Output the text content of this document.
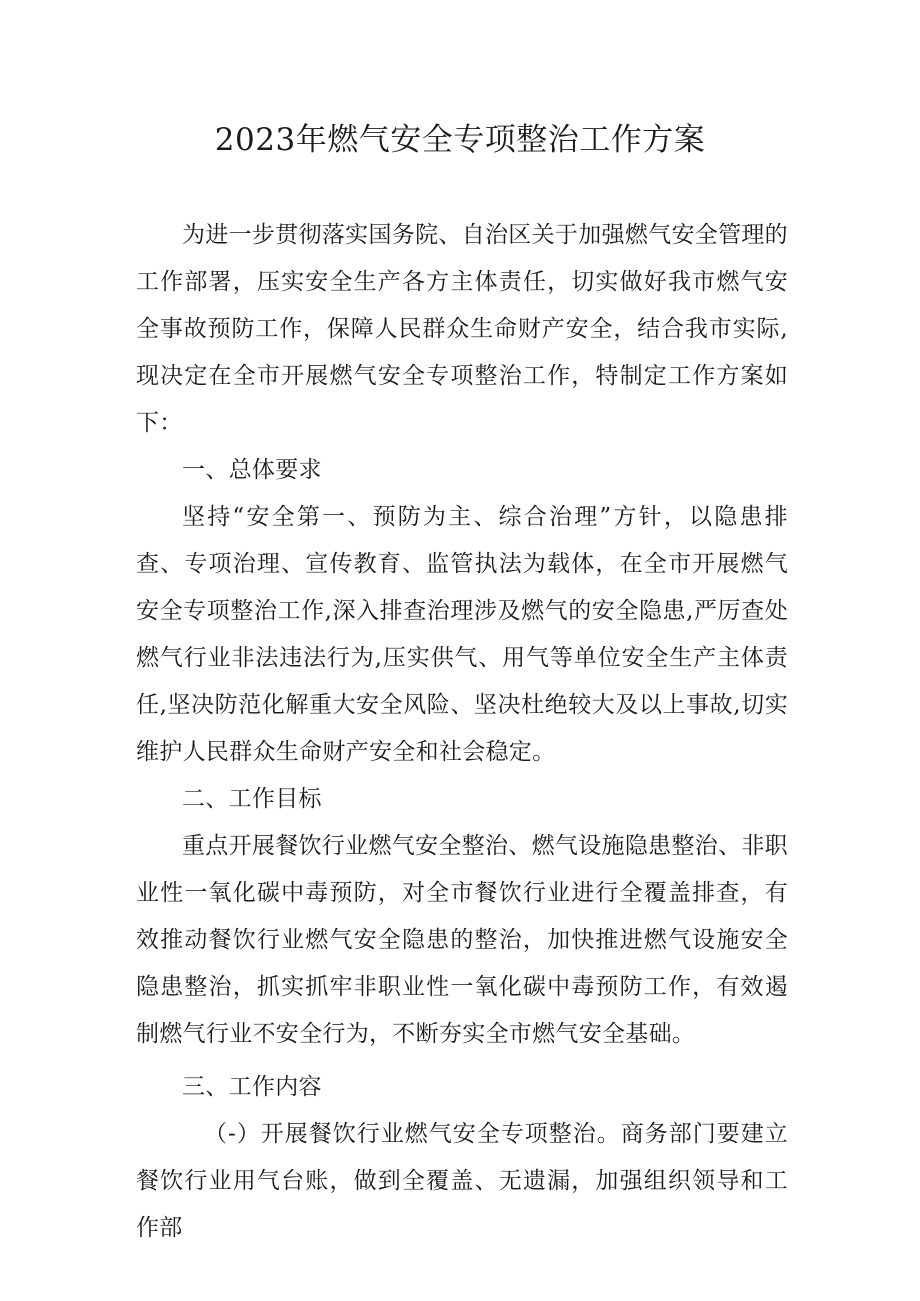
2023年燃气安全专项整治工作方案

为进一步贯彻落实国务院、自治区关于加强燃气安全管理的工作部署，压实安全生产各方主体责任，切实做好我市燃气安全事故预防工作，保障人民群众生命财产安全，结合我市实际,现决定在全市开展燃气安全专项整治工作，特制定工作方案如下：

一、总体要求

坚持“安全第一、预防为主、综合治理”方针，以隐患排查、专项治理、宣传教育、监管执法为载体，在全市开展燃气安全专项整治工作,深入排查治理涉及燃气的安全隐患,严厉查处燃气行业非法违法行为,压实供气、用气等单位安全生产主体责任,坚决防范化解重大安全风险、坚决杜绝较大及以上事故,切实维护人民群众生命财产安全和社会稳定。

二、工作目标

重点开展餐饮行业燃气安全整治、燃气设施隐患整治、非职业性一氧化碳中毒预防，对全市餐饮行业进行全覆盖排查，有效推动餐饮行业燃气安全隐患的整治，加快推进燃气设施安全隐患整治，抓实抓牢非职业性一氧化碳中毒预防工作，有效遏制燃气行业不安全行为，不断夯实全市燃气安全基础。

三、工作内容

（-）开展餐饮行业燃气安全专项整治。商务部门要建立餐饮行业用气台账，做到全覆盖、无遗漏，加强组织领导和工作部
